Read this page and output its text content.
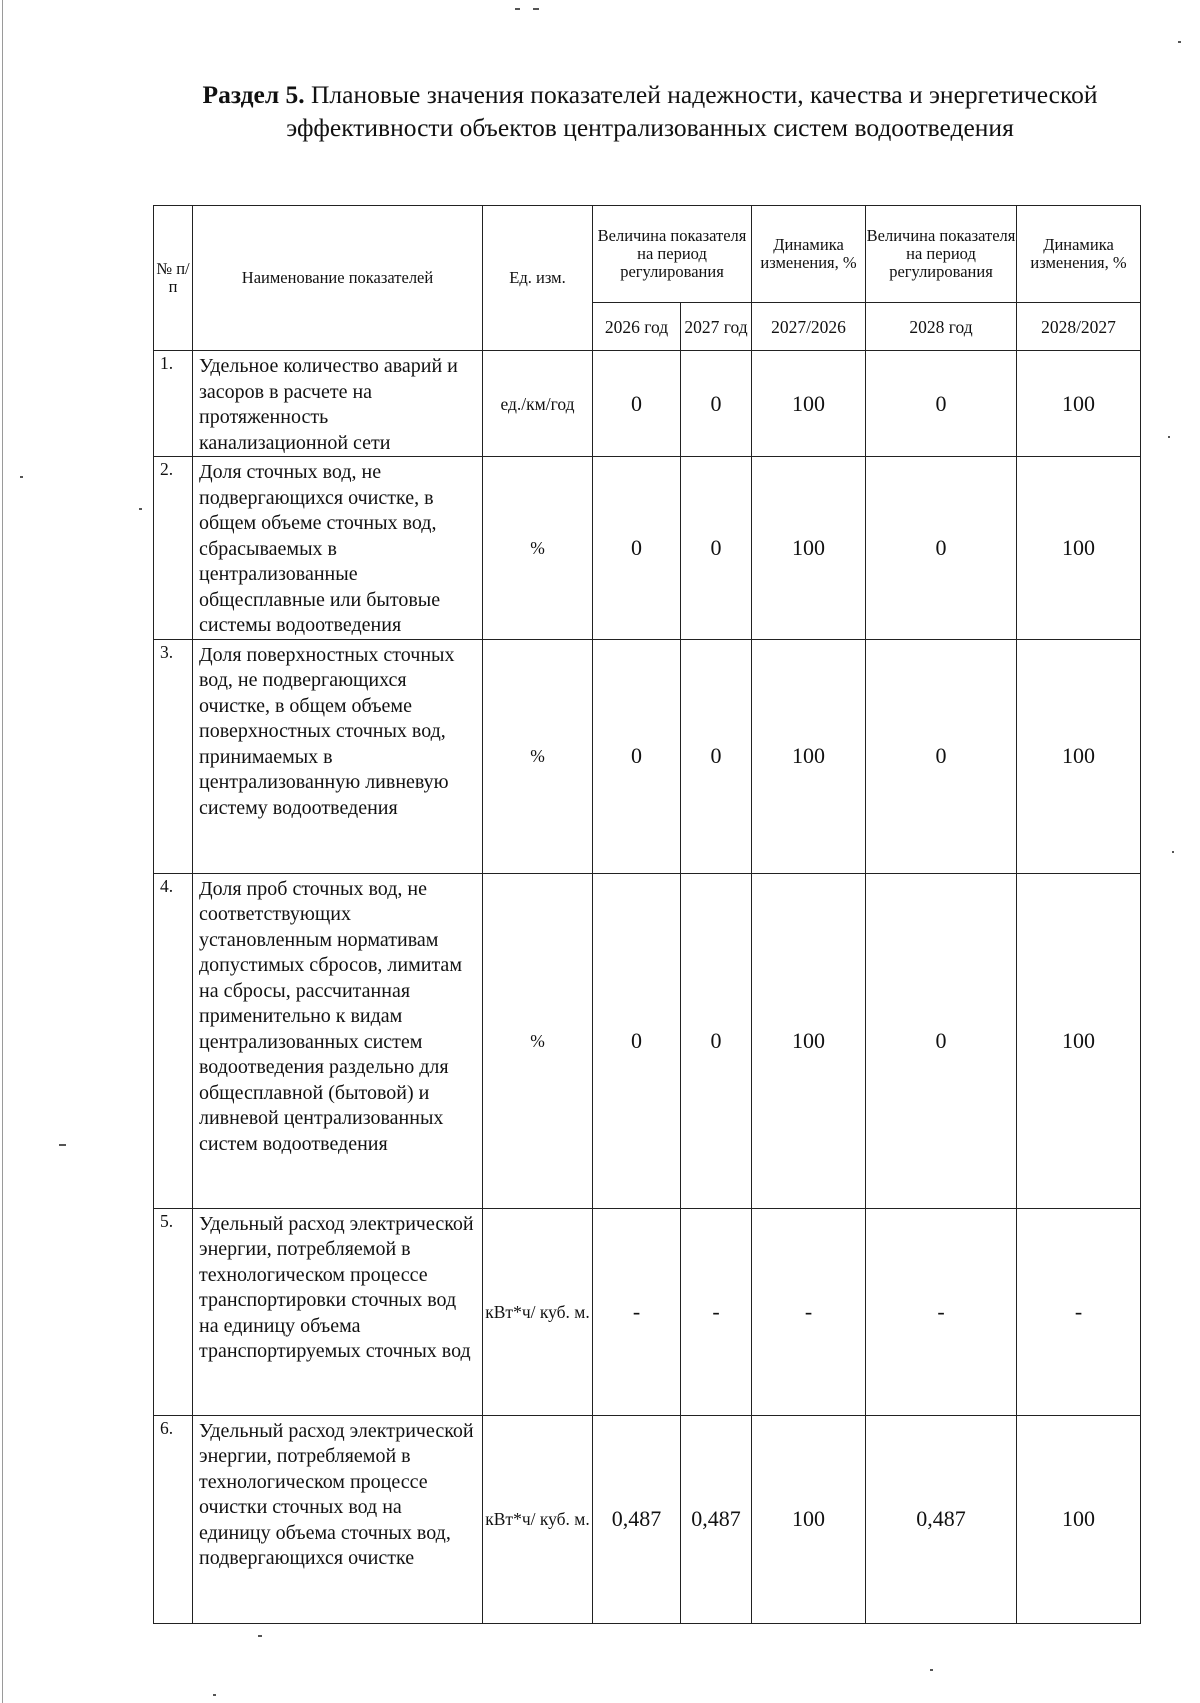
Раздел 5. Плановые значения показателей надежности, качества и энергетической эффективности объектов централизованных систем водоотведения
№ п/ п	Наименование показателей	Ед. изм.	Величина показателя на период регулирования		Динамика изменения, %	Величина показателя на период регулирования	Динамика изменения, %
			2026 год	2027 год	2027/2026	2028 год	2028/2027
1.	Удельное количество аварий и засоров в расчете на протяженность канализационной сети	ед./км/год	0	0	100	0	100
2.	Доля сточных вод, не подвергающихся очистке, в общем объеме сточных вод, сбрасываемых в централизованные общесплавные или бытовые системы водоотведения	%	0	0	100	0	100
3.	Доля поверхностных сточных вод, не подвергающихся очистке, в общем объеме поверхностных сточных вод, принимаемых в централизованную ливневую систему водоотведения	%	0	0	100	0	100
4.	Доля проб сточных вод, не соответствующих установленным нормативам допустимых сбросов, лимитам на сбросы, рассчитанная применительно к видам централизованных систем водоотведения раздельно для общесплавной (бытовой) и ливневой централизованных систем водоотведения	%	0	0	100	0	100
5.	Удельный расход электрической энергии, потребляемой в технологическом процессе транспортировки сточных вод на единицу объема транспортируемых сточных вод	кВт*ч/ куб. м.	-	-	-	-	-
6.	Удельный расход электрической энергии, потребляемой в технологическом процессе очистки сточных вод на единицу объема сточных вод, подвергающихся очистке	кВт*ч/ куб. м.	0,487	0,487	100	0,487	100
